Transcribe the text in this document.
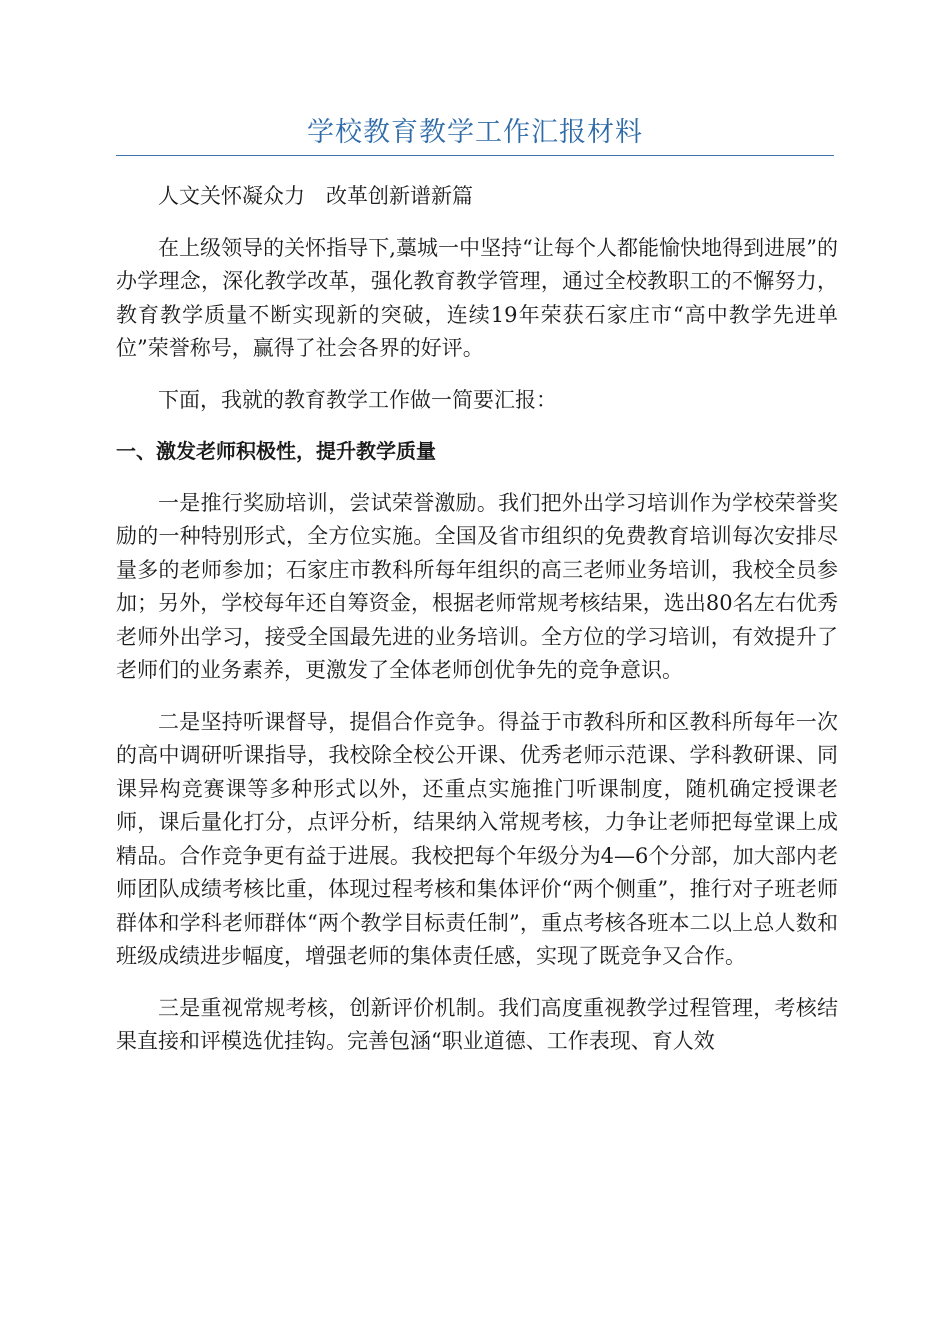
学校教育教学工作汇报材料

人文关怀凝众力　改革创新谱新篇

在上级领导的关怀指导下,藁城一中坚持“让每个人都能愉快地得到进展”的办学理念，深化教学改革，强化教育教学管理，通过全校教职工的不懈努力，教育教学质量不断实现新的突破，连续19年荣获石家庄市“高中教学先进单位”荣誉称号，赢得了社会各界的好评。

下面，我就的教育教学工作做一简要汇报：

一、激发老师积极性，提升教学质量

一是推行奖励培训，尝试荣誉激励。我们把外出学习培训作为学校荣誉奖励的一种特别形式，全方位实施。全国及省市组织的免费教育培训每次安排尽量多的老师参加；石家庄市教科所每年组织的高三老师业务培训，我校全员参加；另外，学校每年还自筹资金，根据老师常规考核结果，选出80名左右优秀老师外出学习，接受全国最先进的业务培训。全方位的学习培训，有效提升了老师们的业务素养，更激发了全体老师创优争先的竞争意识。

二是坚持听课督导，提倡合作竞争。得益于市教科所和区教科所每年一次的高中调研听课指导，我校除全校公开课、优秀老师示范课、学科教研课、同课异构竞赛课等多种形式以外，还重点实施推门听课制度，随机确定授课老师，课后量化打分，点评分析，结果纳入常规考核，力争让老师把每堂课上成精品。合作竞争更有益于进展。我校把每个年级分为4—6个分部，加大部内老师团队成绩考核比重，体现过程考核和集体评价“两个侧重”，推行对子班老师群体和学科老师群体“两个教学目标责任制”，重点考核各班本二以上总人数和班级成绩进步幅度，增强老师的集体责任感，实现了既竞争又合作。

三是重视常规考核，创新评价机制。我们高度重视教学过程管理，考核结果直接和评模选优挂钩。完善包涵“职业道德、工作表现、育人效
